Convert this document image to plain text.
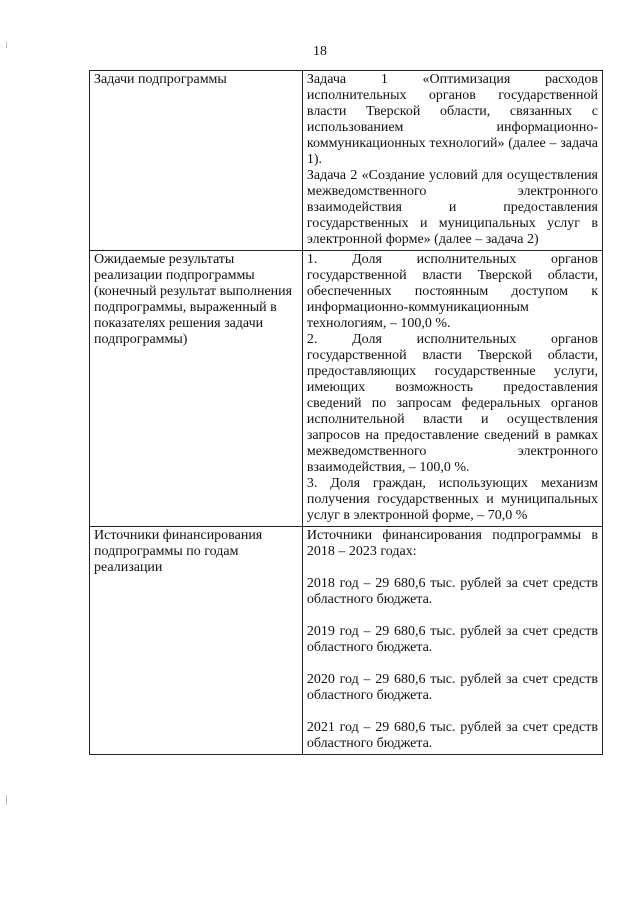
18
Задачи подпрограммы	Задача 1 «Оптимизация расходов исполнительных органов государственной власти Тверской области, связанных с использованием информационно-коммуникационных технологий» (далее – задача 1).

Задача 2 «Создание условий для осуществления межведомственного электронного взаимодействия и предоставления государственных и муниципальных услуг в электронной форме» (далее – задача 2)

Ожидаемые результаты реализации подпрограммы (конечный результат выполнения подпрограммы, выраженный в показателях решения задачи подпрограммы)	1. Доля исполнительных органов государственной власти Тверской области, обеспеченных постоянным доступом к информационно-коммуникационным технологиям, – 100,0 %.

2. Доля исполнительных органов государственной власти Тверской области, предоставляющих государственные услуги, имеющих возможность предоставления сведений по запросам федеральных органов исполнительной власти и осуществления запросов на предоставление сведений в рамках межведомственного электронного взаимодействия, – 100,0 %.

3. Доля граждан, использующих механизм получения государственных и муниципальных услуг в электронной форме, – 70,0 %

Источники финансирования подпрограммы по годам реализации	Источники финансирования подпрограммы в 2018 – 2023 годах:

2018 год – 29 680,6 тыс. рублей за счет средств областного бюджета.

2019 год – 29 680,6 тыс. рублей за счет средств областного бюджета.

2020 год – 29 680,6 тыс. рублей за счет средств областного бюджета.

2021 год – 29 680,6 тыс. рублей за счет средств областного бюджета.
